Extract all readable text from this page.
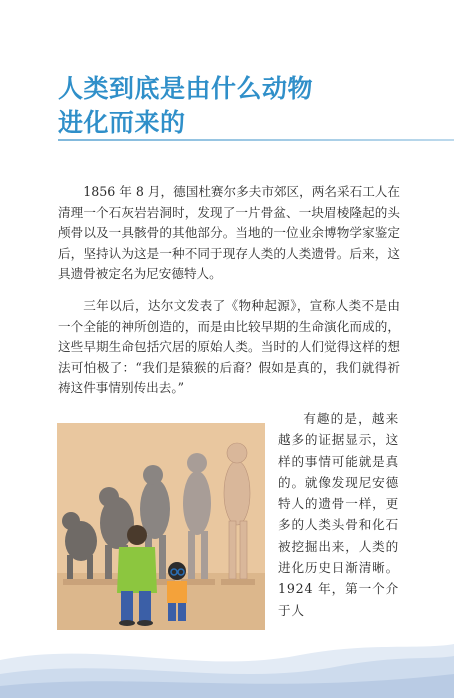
人类到底是由什么动物
进化而来的

1856 年 8 月，德国杜赛尔多夫市郊区，两名采石工人在清理一个石灰岩岩洞时，发现了一片骨盆、一块眉棱隆起的头颅骨以及一具骸骨的其他部分。当地的一位业余博物学家鉴定后，坚持认为这是一种不同于现存人类的人类遗骨。后来，这具遗骨被定名为尼安德特人。

三年以后，达尔文发表了《物种起源》，宣称人类不是由一个全能的神所创造的，而是由比较早期的生命演化而成的，这些早期生命包括穴居的原始人类。当时的人们觉得这样的想法可怕极了：“我们是猿猴的后裔？假如是真的，我们就得祈祷这件事情别传出去。”

有趣的是，越来越多的证据显示，这样的事情可能就是真的。就像发现尼安德特人的遗骨一样，更多的人类头骨和化石被挖掘出来，人类的进化历史日渐清晰。1924 年，第一个介于人
